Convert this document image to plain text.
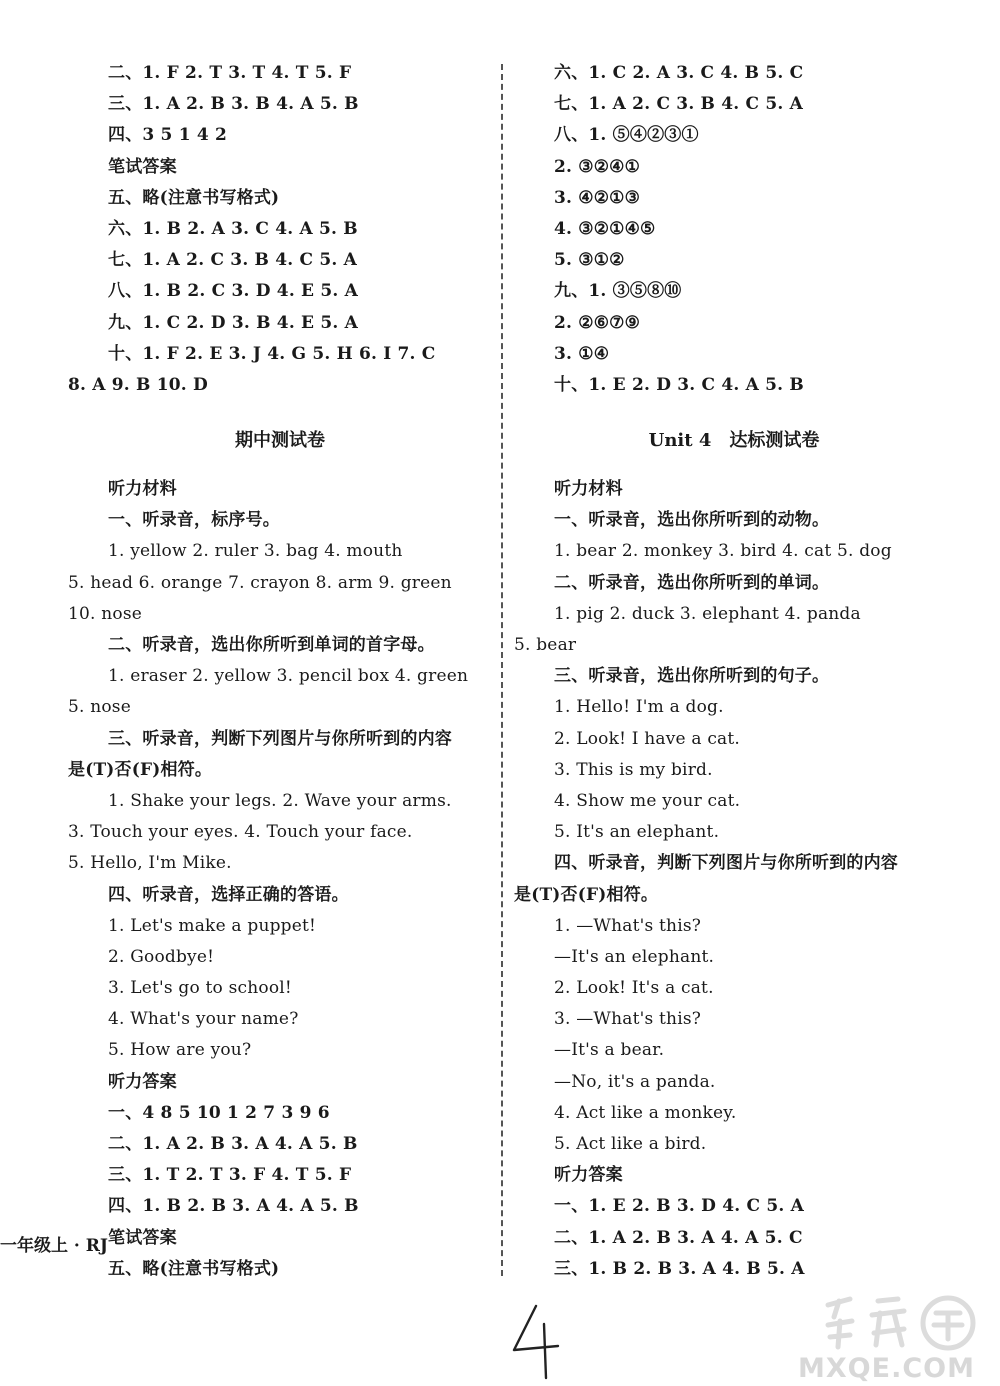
二、1. F 2. T 3. T 4. T 5. F
三、1. A 2. B 3. B 4. A 5. B
四、3 5 1 4 2
笔试答案
五、略(注意书写格式)
六、1. B 2. A 3. C 4. A 5. B
七、1. A 2. C 3. B 4. C 5. A
八、1. B 2. C 3. D 4. E 5. A
九、1. C 2. D 3. B 4. E 5. A
十、1. F 2. E 3. J 4. G 5. H 6. I 7. C
8. A 9. B 10. D
期中测试卷
听力材料
一、听录音，标序号。
1. yellow 2. ruler 3. bag 4. mouth
5. head 6. orange 7. crayon 8. arm 9. green
10. nose
二、听录音，选出你所听到单词的首字母。
1. eraser 2. yellow 3. pencil box 4. green
5. nose
三、听录音，判断下列图片与你所听到的内容
是(T)否(F)相符。
1. Shake your legs. 2. Wave your arms.
3. Touch your eyes. 4. Touch your face.
5. Hello, I'm Mike.
四、听录音，选择正确的答语。
1. Let's make a puppet!
2. Goodbye!
3. Let's go to school!
4. What's your name?
5. How are you?
听力答案
一、4 8 5 10 1 2 7 3 9 6
二、1. A 2. B 3. A 4. A 5. B
三、1. T 2. T 3. F 4. T 5. F
四、1. B 2. B 3. A 4. A 5. B
笔试答案
五、略(注意书写格式)
六、1. C 2. A 3. C 4. B 5. C
七、1. A 2. C 3. B 4. C 5. A
八、1. ⑤④②③①
2. ③②④①
3. ④②①③
4. ③②①④⑤
5. ③①②
九、1. ③⑤⑧⑩
2. ②⑥⑦⑨
3. ①④
十、1. E 2. D 3. C 4. A 5. B
Unit 4　达标测试卷
听力材料
一、听录音，选出你所听到的动物。
1. bear 2. monkey 3. bird 4. cat 5. dog
二、听录音，选出你所听到的单词。
1. pig 2. duck 3. elephant 4. panda
5. bear
三、听录音，选出你所听到的句子。
1. Hello! I'm a dog.
2. Look! I have a cat.
3. This is my bird.
4. Show me your cat.
5. It's an elephant.
四、听录音，判断下列图片与你所听到的内容
是(T)否(F)相符。
1. —What's this?
—It's an elephant.
2. Look! It's a cat.
3. —What's this?
—It's a bear.
—No, it's a panda.
4. Act like a monkey.
5. Act like a bird.
听力答案
一、1. E 2. B 3. D 4. C 5. A
二、1. A 2. B 3. A 4. A 5. C
三、1. B 2. B 3. A 4. B 5. A
一年级上 · RJ
MXQE.COM
